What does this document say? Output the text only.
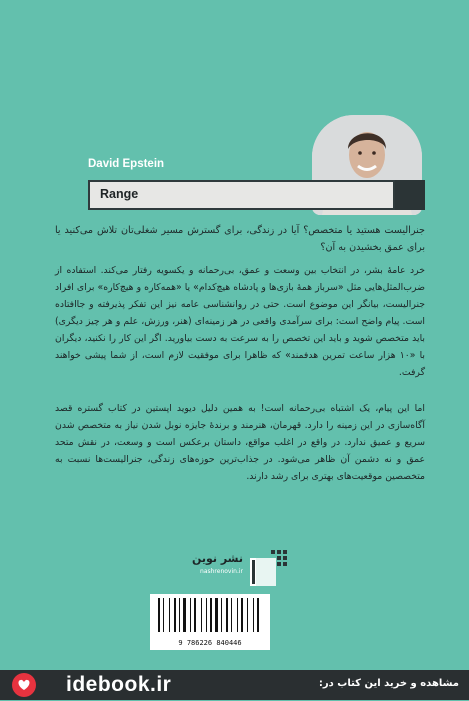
David Epstein
Range
جنرالیست هستید یا متخصص؟ آیا در زندگی، برای گسترش مسیر شغلی‌تان تلاش می‌کنید یا برای عمق بخشیدن به آن؟
خرد عامهٔ بشر، در انتخاب بین وسعت و عمق، بی‌رحمانه و یکسویه رفتار می‌کند. استفاده از ضرب‌المثل‌هایی مثل «سرباز همهٔ بازی‌ها و پادشاه هیچ‌کدام» یا «همه‌کاره و هیچ‌کاره» برای افراد جنرالیست، بیانگر این موضوع است. حتی در روانشناسی عامه نیز این تفکر پذیرفته و جاافتاده است. پیام واضح است: برای سرآمدی واقعی در هر زمینه‌ای (هنر، ورزش، علم و هر چیز دیگری) باید متخصص شوید و باید این تخصص را به سرعت به دست بیاورید. اگر این کار را نکنید، دیگران با «۱۰ هزار ساعت تمرین هدفمند» که ظاهرا برای موفقیت لازم است، از شما پیشی خواهند گرفت.
اما این پیام، یک اشتباه بی‌رحمانه است! به همین دلیل دیوید اپستین در کتاب گستره قصد آگاه‌سازی در این زمینه را دارد. قهرمان، هنرمند و برندهٔ جایزه نوبل شدن نیاز به متخصص شدن سریع و عمیق ندارد. در واقع در اغلب مواقع، داستان برعکس است و وسعت، در نقش متحد عمق و نه دشمن آن ظاهر می‌شود. در جذاب‌ترین حوزه‌های زندگی، جنرالیست‌ها نسبت به متخصصین موقعیت‌های بهتری برای رشد دارند.
نشر نوین
nashrenovin.ir
9 786226 840446
idebook.ir	مشاهده و خرید این کتاب در:
